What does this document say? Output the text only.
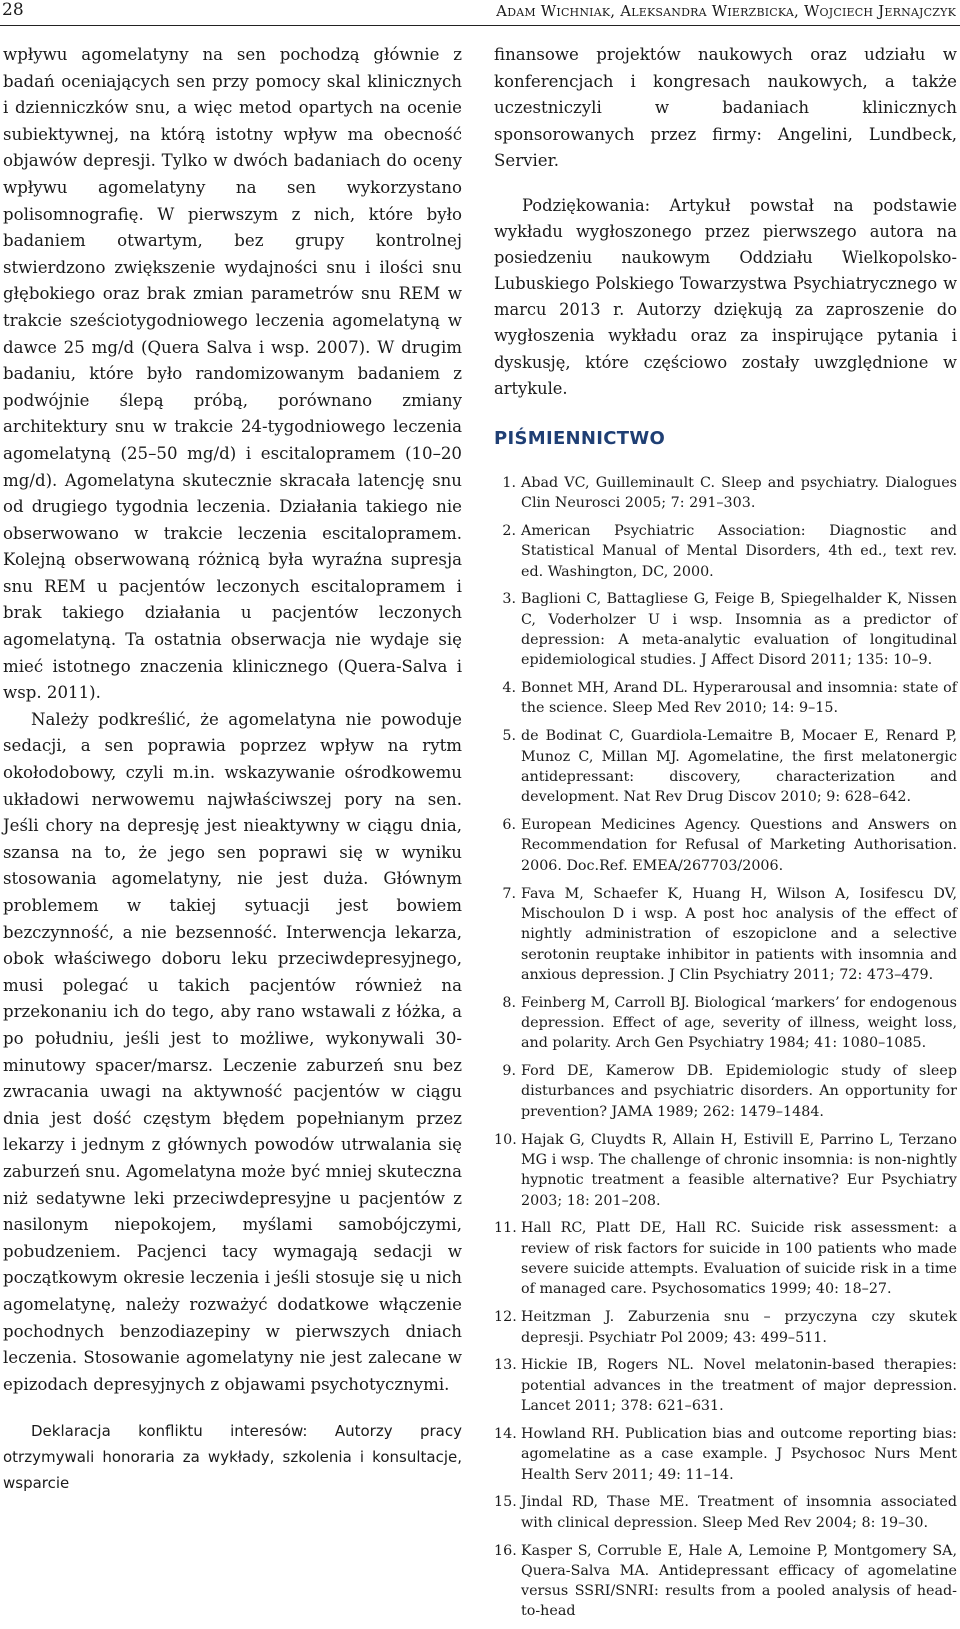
28	Adam Wichniak, Aleksandra Wierzbicka, Wojciech Jernajczyk

wpływu agomelatyny na sen pochodzą głównie z badań oceniających sen przy pomocy skal klinicznych i dzienniczków snu, a więc metod opartych na ocenie subiektywnej, na którą istotny wpływ ma obecność objawów depresji. Tylko w dwóch badaniach do oceny wpływu agomelatyny na sen wykorzystano polisomnografię. W pierwszym z nich, które było badaniem otwartym, bez grupy kontrolnej stwierdzono zwiększenie wydajności snu i ilości snu głębokiego oraz brak zmian parametrów snu REM w trakcie sześciotygodniowego leczenia agomelatyną w dawce 25 mg/d (Quera Salva i wsp. 2007). W drugim badaniu, które było randomizowanym badaniem z podwójnie ślepą próbą, porównano zmiany architektury snu w trakcie 24-tygodniowego leczenia agomelatyną (25–50 mg/d) i escitalopramem (10–20 mg/d). Agomelatyna skutecznie skracała latencję snu od drugiego tygodnia leczenia. Działania takiego nie obserwowano w trakcie leczenia escitalopramem. Kolejną obserwowaną różnicą była wyraźna supresja snu REM u pacjentów leczonych escitalopramem i brak takiego działania u pacjentów leczonych agomelatyną. Ta ostatnia obserwacja nie wydaje się mieć istotnego znaczenia klinicznego (Quera-Salva i wsp. 2011).

Należy podkreślić, że agomelatyna nie powoduje sedacji, a sen poprawia poprzez wpływ na rytm okołodobowy, czyli m.in. wskazywanie ośrodkowemu układowi nerwowemu najwłaściwszej pory na sen. Jeśli chory na depresję jest nieaktywny w ciągu dnia, szansa na to, że jego sen poprawi się w wyniku stosowania agomelatyny, nie jest duża. Głównym problemem w takiej sytuacji jest bowiem bezczynność, a nie bezsenność. Interwencja lekarza, obok właściwego doboru leku przeciwdepresyjnego, musi polegać u takich pacjentów również na przekonaniu ich do tego, aby rano wstawali z łóżka, a po południu, jeśli jest to możliwe, wykonywali 30-minutowy spacer/marsz. Leczenie zaburzeń snu bez zwracania uwagi na aktywność pacjentów w ciągu dnia jest dość częstym błędem popełnianym przez lekarzy i jednym z głównych powodów utrwalania się zaburzeń snu. Agomelatyna może być mniej skuteczna niż sedatywne leki przeciwdepresyjne u pacjentów z nasilonym niepokojem, myślami samobójczymi, pobudzeniem. Pacjenci tacy wymagają sedacji w początkowym okresie leczenia i jeśli stosuje się u nich agomelatynę, należy rozważyć dodatkowe włączenie pochodnych benzodiazepiny w pierwszych dniach leczenia. Stosowanie agomelatyny nie jest zalecane w epizodach depresyjnych z objawami psychotycznymi.

Deklaracja konfliktu interesów: Autorzy pracy otrzymywali honoraria za wykłady, szkolenia i konsultacje, wsparcie

finansowe projektów naukowych oraz udziału w konferencjach i kongresach naukowych, a także uczestniczyli w badaniach klinicznych sponsorowanych przez firmy: Angelini, Lundbeck, Servier.

Podziękowania: Artykuł powstał na podstawie wykładu wygłoszonego przez pierwszego autora na posiedzeniu naukowym Oddziału Wielkopolsko-Lubuskiego Polskiego Towarzystwa Psychiatrycznego w marcu 2013 r. Autorzy dziękują za zaproszenie do wygłoszenia wykładu oraz za inspirujące pytania i dyskusję, które częściowo zostały uwzględnione w artykule.

PIŚMIENNICTWO
1. Abad VC, Guilleminault C. Sleep and psychiatry. Dialogues Clin Neurosci 2005; 7: 291–303.
2. American Psychiatric Association: Diagnostic and Statistical Manual of Mental Disorders, 4th ed., text rev. ed. Washington, DC, 2000.
3. Baglioni C, Battagliese G, Feige B, Spiegelhalder K, Nissen C, Voderholzer U i wsp. Insomnia as a predictor of depression: A meta-analytic evaluation of longitudinal epidemiological studies. J Affect Disord 2011; 135: 10–9.
4. Bonnet MH, Arand DL. Hyperarousal and insomnia: state of the science. Sleep Med Rev 2010; 14: 9–15.
5. de Bodinat C, Guardiola-Lemaitre B, Mocaer E, Renard P, Munoz C, Millan MJ. Agomelatine, the first melatonergic antidepressant: discovery, characterization and development. Nat Rev Drug Discov 2010; 9: 628–642.
6. European Medicines Agency. Questions and Answers on Recommendation for Refusal of Marketing Authorisation. 2006. Doc.Ref. EMEA/267703/2006.
7. Fava M, Schaefer K, Huang H, Wilson A, Iosifescu DV, Mischoulon D i wsp. A post hoc analysis of the effect of nightly administration of eszopiclone and a selective serotonin reuptake inhibitor in patients with insomnia and anxious depression. J Clin Psychiatry 2011; 72: 473–479.
8. Feinberg M, Carroll BJ. Biological ‘markers’ for endogenous depression. Effect of age, severity of illness, weight loss, and polarity. Arch Gen Psychiatry 1984; 41: 1080–1085.
9. Ford DE, Kamerow DB. Epidemiologic study of sleep disturbances and psychiatric disorders. An opportunity for prevention? JAMA 1989; 262: 1479–1484.
10. Hajak G, Cluydts R, Allain H, Estivill E, Parrino L, Terzano MG i wsp. The challenge of chronic insomnia: is non-nightly hypnotic treatment a feasible alternative? Eur Psychiatry 2003; 18: 201–208.
11. Hall RC, Platt DE, Hall RC. Suicide risk assessment: a review of risk factors for suicide in 100 patients who made severe suicide attempts. Evaluation of suicide risk in a time of managed care. Psychosomatics 1999; 40: 18–27.
12. Heitzman J. Zaburzenia snu – przyczyna czy skutek depresji. Psychiatr Pol 2009; 43: 499–511.
13. Hickie IB, Rogers NL. Novel melatonin-based therapies: potential advances in the treatment of major depression. Lancet 2011; 378: 621–631.
14. Howland RH. Publication bias and outcome reporting bias: agomelatine as a case example. J Psychosoc Nurs Ment Health Serv 2011; 49: 11–14.
15. Jindal RD, Thase ME. Treatment of insomnia associated with clinical depression. Sleep Med Rev 2004; 8: 19–30.
16. Kasper S, Corruble E, Hale A, Lemoine P, Montgomery SA, Quera-Salva MA. Antidepressant efficacy of agomelatine versus SSRI/SNRI: results from a pooled analysis of head-to-head
